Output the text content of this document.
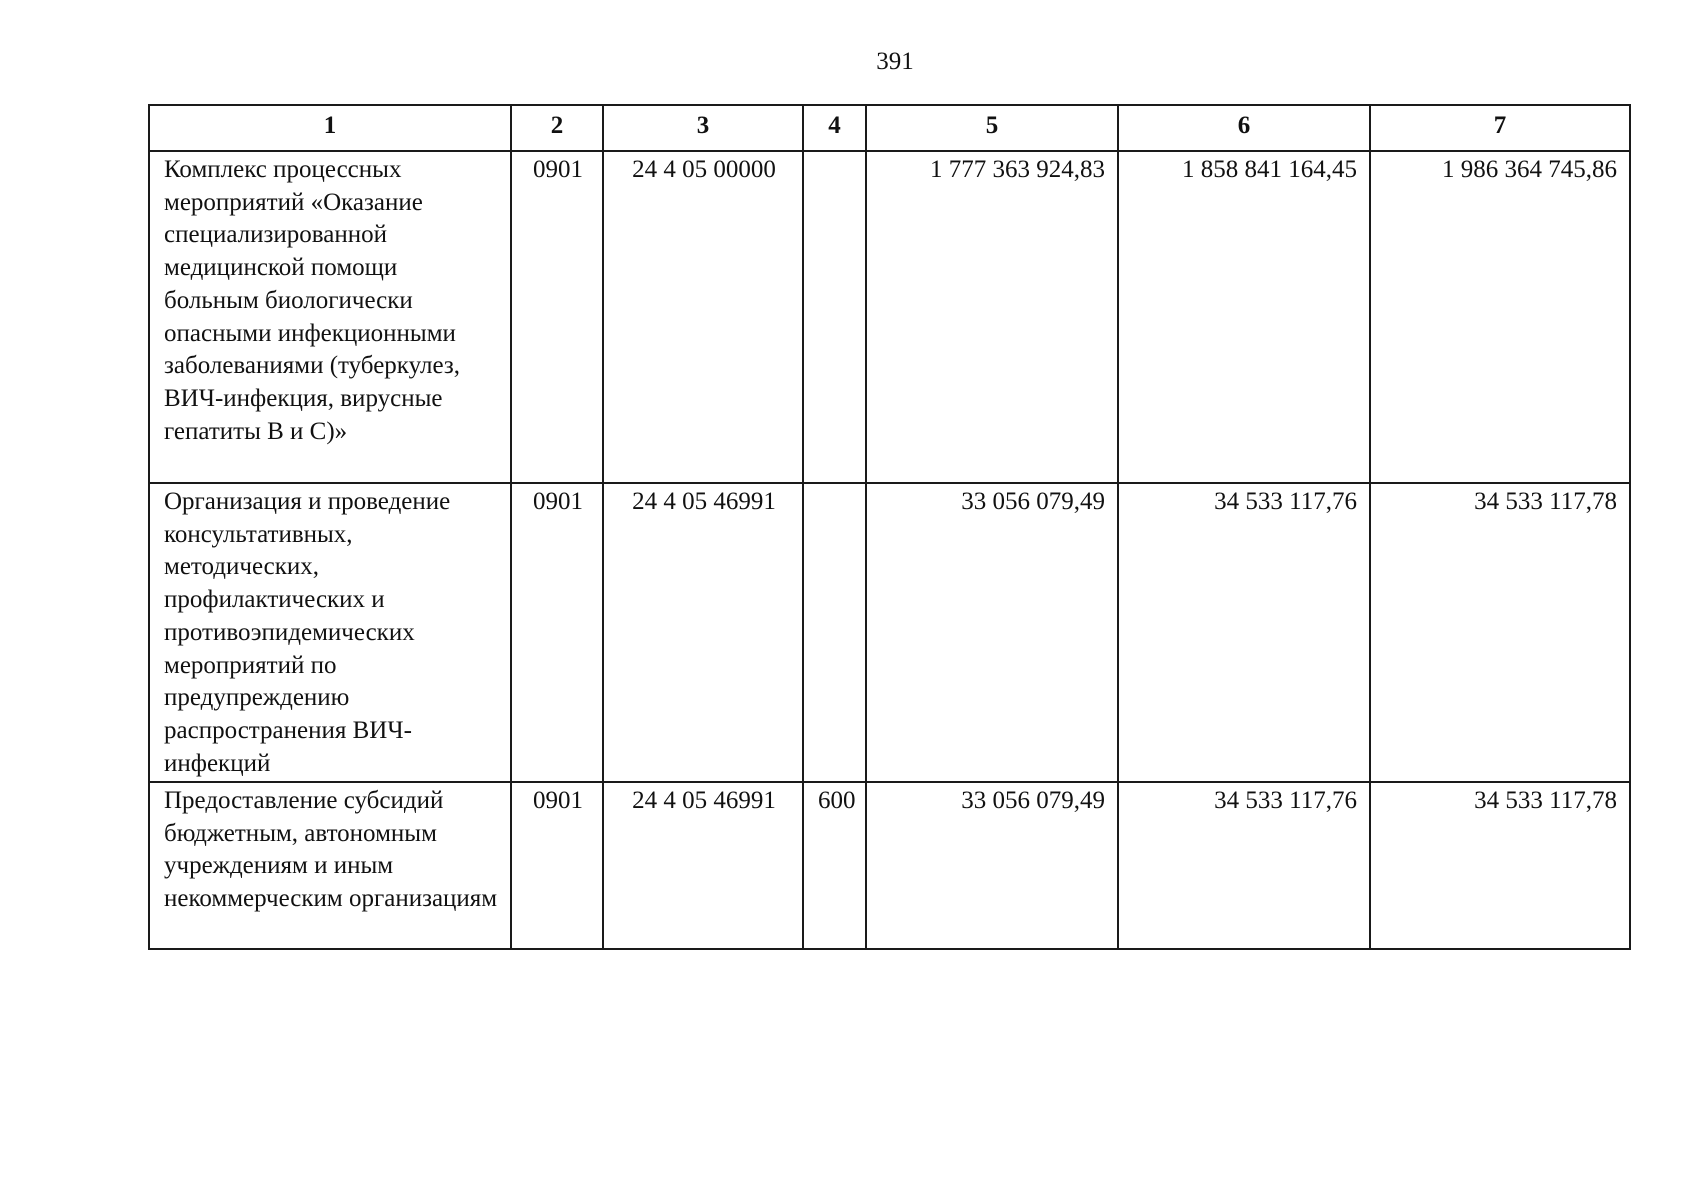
391
1	2	3	4	5	6	7
Комплекс процессных мероприятий «Оказание специализированной медицинской помощи больным биологически опасными инфекционными заболеваниями (туберкулез, ВИЧ-инфекция, вирусные гепатиты В и С)»	0901	24 4 05 00000		1 777 363 924,83	1 858 841 164,45	1 986 364 745,86
Организация и проведение консультативных, методических, профилактических и противоэпидемических мероприятий по предупреждению распространения ВИЧ-инфекций	0901	24 4 05 46991		33 056 079,49	34 533 117,76	34 533 117,78
Предоставление субсидий бюджетным, автономным учреждениям и иным некоммерческим организациям	0901	24 4 05 46991	600	33 056 079,49	34 533 117,76	34 533 117,78
